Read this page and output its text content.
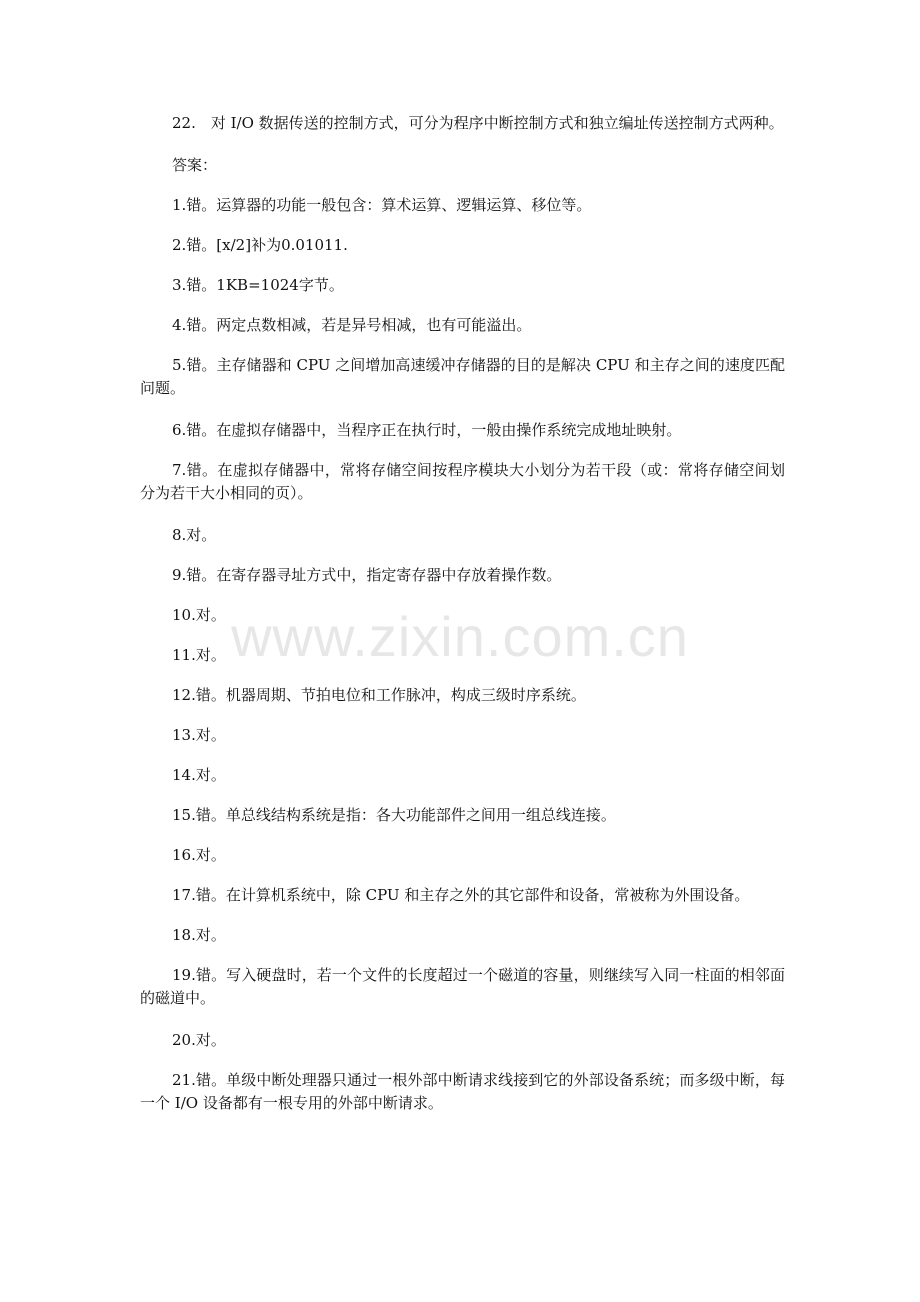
22.　对 I/O 数据传送的控制方式，可分为程序中断控制方式和独立编址传送控制方式两种。

答案：

1.错。运算器的功能一般包含：算术运算、逻辑运算、移位等。

2.错。[x/2]补为0.01011.

3.错。1KB=1024字节。

4.错。两定点数相减，若是异号相减，也有可能溢出。

5.错。主存储器和 CPU 之间增加高速缓冲存储器的目的是解决 CPU 和主存之间的速度匹配问题。

6.错。在虚拟存储器中，当程序正在执行时，一般由操作系统完成地址映射。

7.错。在虚拟存储器中，常将存储空间按程序模块大小划分为若干段（或：常将存储空间划分为若干大小相同的页）。

8.对。

9.错。在寄存器寻址方式中，指定寄存器中存放着操作数。

10.对。

11.对。

12.错。机器周期、节拍电位和工作脉冲，构成三级时序系统。

13.对。

14.对。

15.错。单总线结构系统是指：各大功能部件之间用一组总线连接。

16.对。

17.错。在计算机系统中，除 CPU 和主存之外的其它部件和设备，常被称为外围设备。

18.对。

19.错。写入硬盘时，若一个文件的长度超过一个磁道的容量，则继续写入同一柱面的相邻面的磁道中。

20.对。

21.错。单级中断处理器只通过一根外部中断请求线接到它的外部设备系统；而多级中断，每一个 I/O 设备都有一根专用的外部中断请求。

www.zixin.com.cn
